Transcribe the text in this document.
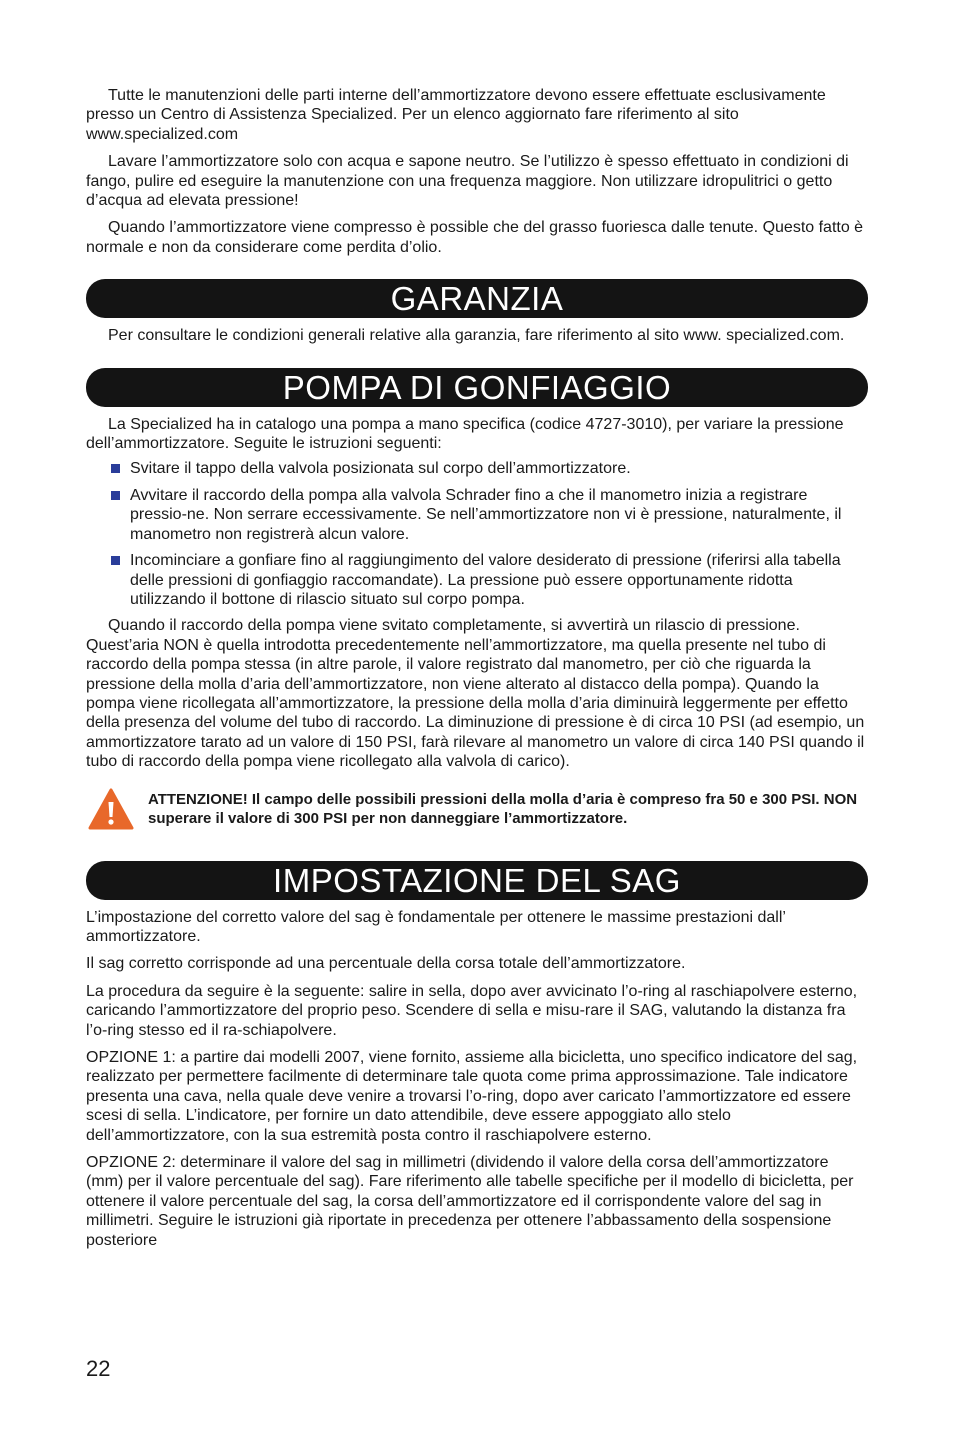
Tutte le manutenzioni delle parti interne dell’ammortizzatore devono essere effettuate esclusivamente presso un Centro di Assistenza Specialized. Per un elenco aggiornato fare riferimento al sito www.specialized.com

Lavare l’ammortizzatore solo con acqua e sapone neutro. Se l’utilizzo è spesso effettuato in condizioni di fango, pulire ed eseguire la manutenzione con una frequenza maggiore. Non utilizzare idropulitrici o getto d’acqua ad elevata pressione!

Quando l’ammortizzatore viene compresso è possible che del grasso fuoriesca dalle tenute. Questo fatto è normale e non da considerare come perdita d’olio.

GARANZIA

Per consultare le condizioni generali relative alla garanzia, fare riferimento al sito www. specialized.com.

POMPA DI GONFIAGGIO

La Specialized ha in catalogo una pompa a mano specifica (codice 4727-3010), per variare la pressione dell’ammortizzatore. Seguite le istruzioni seguenti:

Svitare il tappo della valvola posizionata sul corpo dell’ammortizzatore.
Avvitare il raccordo della pompa alla valvola Schrader fino a che il manometro inizia a registrare pressio-ne. Non serrare eccessivamente. Se nell’ammortizzatore non vi è pressione, naturalmente, il manometro non registrerà alcun valore.
Incominciare a gonfiare fino al raggiungimento del valore desiderato di pressione (riferirsi alla tabella delle pressioni di gonfiaggio raccomandate). La pressione può essere opportunamente ridotta utilizzando il bottone di rilascio situato sul corpo pompa.

Quando il raccordo della pompa viene svitato completamente, si avvertirà un rilascio di pressione. Quest’aria NON è quella introdotta precedentemente nell’ammortizzatore, ma quella presente nel tubo di raccordo della pompa stessa (in altre parole, il valore registrato dal manometro, per ciò che riguarda la pressione della molla d’aria dell’ammortizzatore, non viene alterato al distacco della pompa). Quando la pompa viene ricollegata all’ammortizzatore, la pressione della molla d’aria diminuirà leggermente per effetto della presenza del volume del tubo di raccordo. La diminuzione di pressione è di circa 10 PSI (ad esempio, un ammortizzatore tarato ad un valore di 150 PSI, farà rilevare al manometro un valore di circa 140 PSI quando il tubo di raccordo della pompa viene ricollegato alla valvola di carico).

ATTENZIONE! Il campo delle possibili pressioni della molla d’aria è compreso fra 50 e 300 PSI. NON superare il valore di 300 PSI per non danneggiare l’ammortizzatore.

IMPOSTAZIONE DEL SAG

L’impostazione del corretto valore del sag è fondamentale per ottenere le massime prestazioni dall’ ammortizzatore.

Il sag corretto corrisponde ad una percentuale della corsa totale dell’ammortizzatore.

La procedura da seguire è la seguente: salire in sella, dopo aver avvicinato l’o-ring al raschiapolvere esterno, caricando l’ammortizzatore del proprio peso. Scendere di sella e misu-rare il SAG, valutando la distanza fra l’o-ring stesso ed il ra-schiapolvere.

OPZIONE 1: a partire dai modelli 2007, viene fornito, assieme alla bicicletta, uno specifico indicatore del sag, realizzato per permettere facilmente di determinare tale quota come prima approssimazione. Tale indicatore presenta una cava, nella quale deve venire a trovarsi l’o-ring, dopo aver caricato l’ammortizzatore ed essere scesi di sella. L’indicatore, per fornire un dato attendibile, deve essere appoggiato allo stelo dell’ammortizzatore, con la sua estremità posta contro il raschiapolvere esterno.

OPZIONE 2: determinare il valore del sag in millimetri (dividendo il valore della corsa dell’ammortizzatore (mm) per il valore percentuale del sag). Fare riferimento alle tabelle specifiche per il modello di bicicletta, per ottenere il valore percentuale del sag, la corsa dell’ammortizzatore ed il corrispondente valore del sag in millimetri. Seguire le istruzioni già riportate in precedenza per ottenere l’abbassamento della sospensione posteriore

22
